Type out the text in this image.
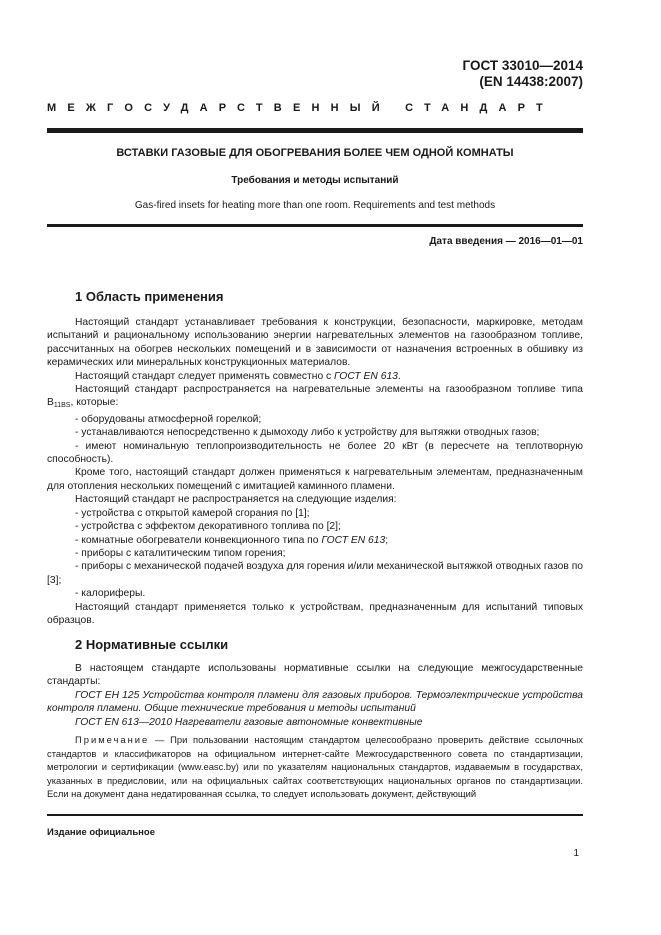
ГОСТ 33010—2014
(EN 14438:2007)
МЕЖГОСУДАРСТВЕННЫЙ СТАНДАРТ
ВСТАВКИ ГАЗОВЫЕ ДЛЯ ОБОГРЕВАНИЯ БОЛЕЕ ЧЕМ ОДНОЙ КОМНАТЫ
Требования и методы испытаний
Gas-fired insets for heating more than one room. Requirements and test methods
Дата введения — 2016—01—01
1 Область применения

Настоящий стандарт устанавливает требования к конструкции, безопасности, маркировке, методам испытаний и рациональному использованию энергии нагревательных элементов на газообразном топливе, рассчитанных на обогрев нескольких помещений и в зависимости от назначения встроенных в обшивку из керамических или минеральных конструкционных материалов.

Настоящий стандарт следует применять совместно с ГОСТ EN 613.

Настоящий стандарт распространяется на нагревательные элементы на газообразном топливе типа $В_{11BS}$, которые:

- оборудованы атмосферной горелкой;

- устанавливаются непосредственно к дымоходу либо к устройству для вытяжки отводных газов;

- имеют номинальную теплопроизводительность не более 20 кВт (в пересчете на теплотворную способность).

Кроме того, настоящий стандарт должен применяться к нагревательным элементам, предназначенным для отопления нескольких помещений с имитацией каминного пламени.

Настоящий стандарт не распространяется на следующие изделия:

- устройства с открытой камерой сгорания по [1];

- устройства с эффектом декоративного топлива по [2];

- комнатные обогреватели конвекционного типа по ГОСТ EN 613;

- приборы с каталитическим типом горения;

- приборы с механической подачей воздуха для горения и/или механической вытяжкой отводных газов по [3];

- калориферы.

Настоящий стандарт применяется только к устройствам, предназначенным для испытаний типовых образцов.

2 Нормативные ссылки

В настоящем стандарте использованы нормативные ссылки на следующие межгосударственные стандарты:

ГОСТ EH 125 Устройства контроля пламени для газовых приборов. Термоэлектрические устройства контроля пламени. Общие технические требования и методы испытаний

ГОСТ EN 613—2010 Нагреватели газовые автономные конвективные

Примечание — При пользовании настоящим стандартом целесообразно проверить действие ссылочных стандартов и классификаторов на официальном интернет-сайте Межгосударственного совета по стандартизации, метрологии и сертификации (www.easc.by) или по указателям национальных стандартов, издаваемым в государствах, указанных в предисловии, или на официальных сайтах соответствующих национальных органов по стандартизации. Если на документ дана недатированная ссылка, то следует использовать документ, действующий

Издание официальное
1
